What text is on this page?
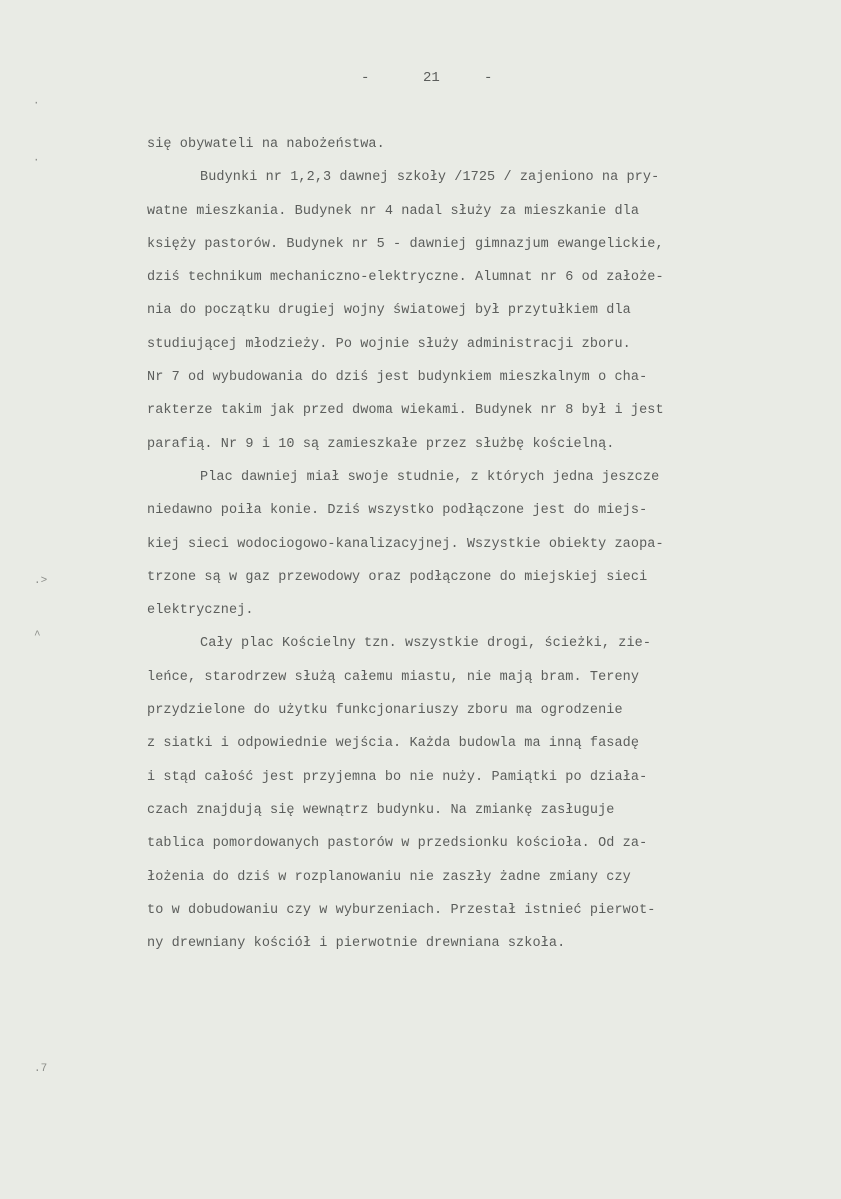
-	21	-
·
·
.>
^
.7
się obywateli na nabożeństwa.
Budynki nr 1,2,3 dawnej szkoły /1725 / zajeniono na pry-
watne mieszkania. Budynek nr 4 nadal służy za mieszkanie dla
księży pastorów. Budynek nr 5 - dawniej gimnazjum ewangelickie,
dziś technikum mechaniczno-elektryczne. Alumnat nr 6 od założe-
nia do początku drugiej wojny światowej był przytułkiem dla
studiującej młodzieży. Po wojnie służy administracji zboru.
Nr 7 od wybudowania do dziś jest budynkiem mieszkalnym o cha-
rakterze takim jak przed dwoma wiekami. Budynek nr 8 był i jest
parafią. Nr 9 i 10 są zamieszkałe przez służbę kościelną.
Plac dawniej miał swoje studnie, z których jedna jeszcze
niedawno poiła konie. Dziś wszystko podłączone jest do miejs-
kiej sieci wodociogowo-kanalizacyjnej. Wszystkie obiekty zaopa-
trzone są w gaz przewodowy oraz podłączone do miejskiej sieci
elektrycznej.
Cały plac Kościelny tzn. wszystkie drogi, ścieżki, zie-
leńce, starodrzew służą całemu miastu, nie mają bram. Tereny
przydzielone do użytku funkcjonariuszy zboru ma ogrodzenie
z siatki i odpowiednie wejścia. Każda budowla ma inną fasadę
i stąd całość jest przyjemna bo nie nuży. Pamiątki po działa-
czach znajdują się wewnątrz budynku. Na zmiankę zasługuje
tablica pomordowanych pastorów w przedsionku kościoła. Od za-
łożenia do dziś w rozplanowaniu nie zaszły żadne zmiany czy
to w dobudowaniu czy w wyburzeniach. Przestał istnieć pierwot-
ny drewniany kościół i pierwotnie drewniana szkoła.
